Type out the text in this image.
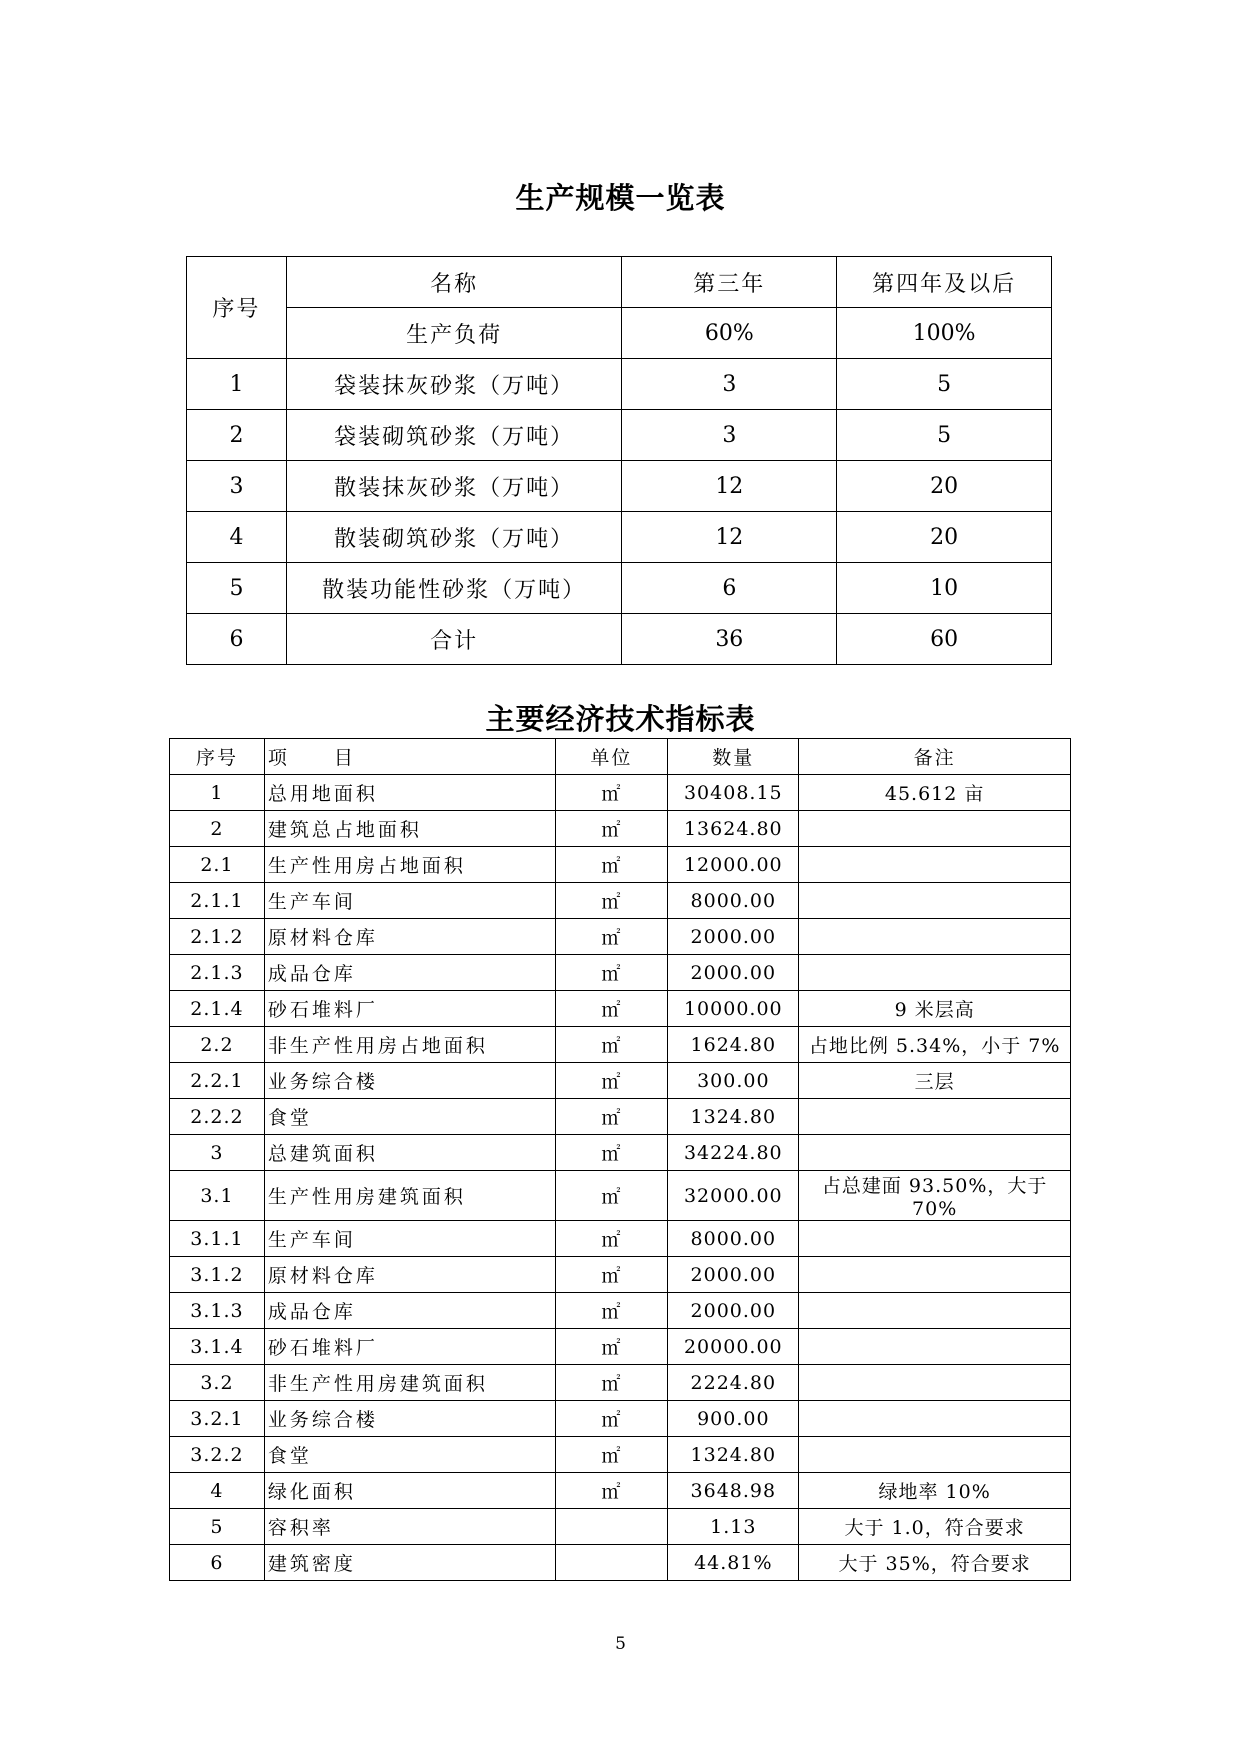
生产规模一览表
序号	名称	第三年	第四年及以后
	生产负荷	60%	100%
1	袋装抹灰砂浆（万吨）	3	5
2	袋装砌筑砂浆（万吨）	3	5
3	散装抹灰砂浆（万吨）	12	20
4	散装砌筑砂浆（万吨）	12	20
5	散装功能性砂浆（万吨）	6	10
6	合计	36	60
主要经济技术指标表
序号	项　　目	单位	数量	备注
1	总用地面积	㎡	30408.15	45.612 亩
2	建筑总占地面积	㎡	13624.80	
2.1	生产性用房占地面积	㎡	12000.00	
2.1.1	生产车间	㎡	8000.00	
2.1.2	原材料仓库	㎡	2000.00	
2.1.3	成品仓库	㎡	2000.00	
2.1.4	砂石堆料厂	㎡	10000.00	9 米层高
2.2	非生产性用房占地面积	㎡	1624.80	占地比例 5.34%，小于 7%
2.2.1	业务综合楼	㎡	300.00	三层
2.2.2	食堂	㎡	1324.80	
3	总建筑面积	㎡	34224.80	
3.1	生产性用房建筑面积	㎡	32000.00	占总建面 93.50%，大于 70%
3.1.1	生产车间	㎡	8000.00	
3.1.2	原材料仓库	㎡	2000.00	
3.1.3	成品仓库	㎡	2000.00	
3.1.4	砂石堆料厂	㎡	20000.00	
3.2	非生产性用房建筑面积	㎡	2224.80	
3.2.1	业务综合楼	㎡	900.00	
3.2.2	食堂	㎡	1324.80	
4	绿化面积	㎡	3648.98	绿地率 10%
5	容积率		1.13	大于 1.0，符合要求
6	建筑密度		44.81%	大于 35%，符合要求
5
